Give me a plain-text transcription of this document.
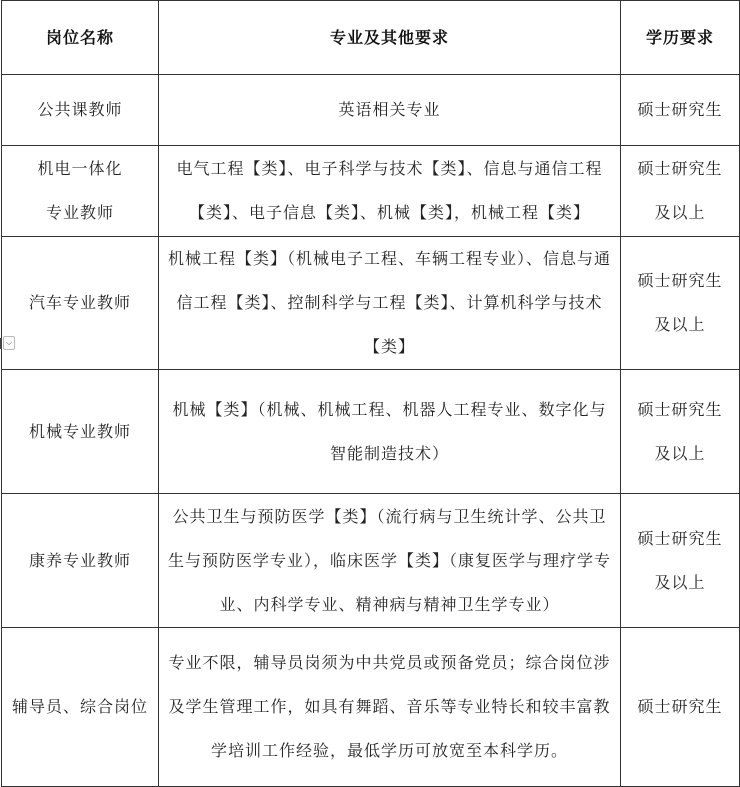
岗位名称	专业及其他要求	学历要求
公共课教师	英语相关专业	硕士研究生
机电一体化专业教师	电气工程【类】、电子科学与技术【类】、信息与通信工程【类】、电子信息【类】、机械【类】，机械工程【类】	硕士研究生及以上
汽车专业教师	机械工程【类】（机械电子工程、车辆工程专业）、信息与通信工程【类】、控制科学与工程【类】、计算机科学与技术【类】	硕士研究生及以上
机械专业教师	机械【类】（机械、机械工程、机器人工程专业、数字化与智能制造技术）	硕士研究生及以上
康养专业教师	公共卫生与预防医学【类】（流行病与卫生统计学、公共卫生与预防医学专业），临床医学【类】（康复医学与理疗学专业、内科学专业、精神病与精神卫生学专业）	硕士研究生及以上
辅导员、综合岗位	专业不限，辅导员岗须为中共党员或预备党员；综合岗位涉及学生管理工作，如具有舞蹈、音乐等专业特长和较丰富教学培训工作经验，最低学历可放宽至本科学历。	硕士研究生
⌵
